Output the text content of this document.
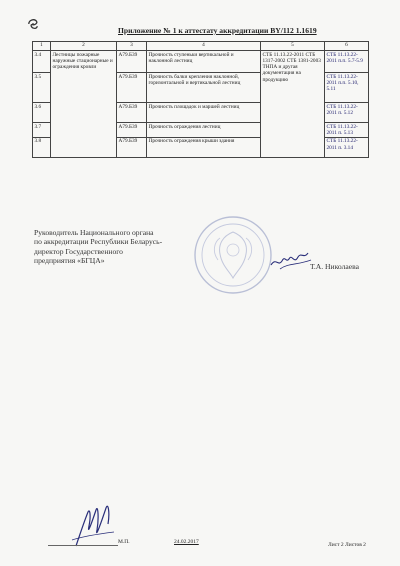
Приложение № 1 к аттестату аккредитации BY/112 1.1619
1	2	3	4	5	6
3.4	Лестницы пожарные наружные стационарные и ограждения кровли	А79.Б39	Прочность ступеньки вертикальной и наклонной лестниц	СТБ 11.13.22-2011 СТБ 1317-2002 СТБ 1381-2003 ТНПА и другая документация на продукцию	СТБ 11.13.22-2011 п.п. 5.7-5.9
3.5		А79.Б39	Прочность балки крепления наклонной, горизонтальной и вертикальной лестниц		СТБ 11.13.22-2011 п.п. 5.10, 5.11
3.6		А79.Б39	Прочность площадок и маршей лестниц		СТБ 11.13.22-2011 п. 5.12
3.7		А79.Б39	Прочность ограждения лестниц		СТБ 11.13.22-2011 п. 5.13
3.8		А79.Б39	Прочность ограждения крыши здания		СТБ 11.13.22-2011 п. 3.14
Руководитель Национального органа
по аккредитации Республики Беларусь-
директор Государственного
предприятия «БГЦА»
Т.А. Николаева
М.П.	24.02.2017	Лист 2 Листов 2
